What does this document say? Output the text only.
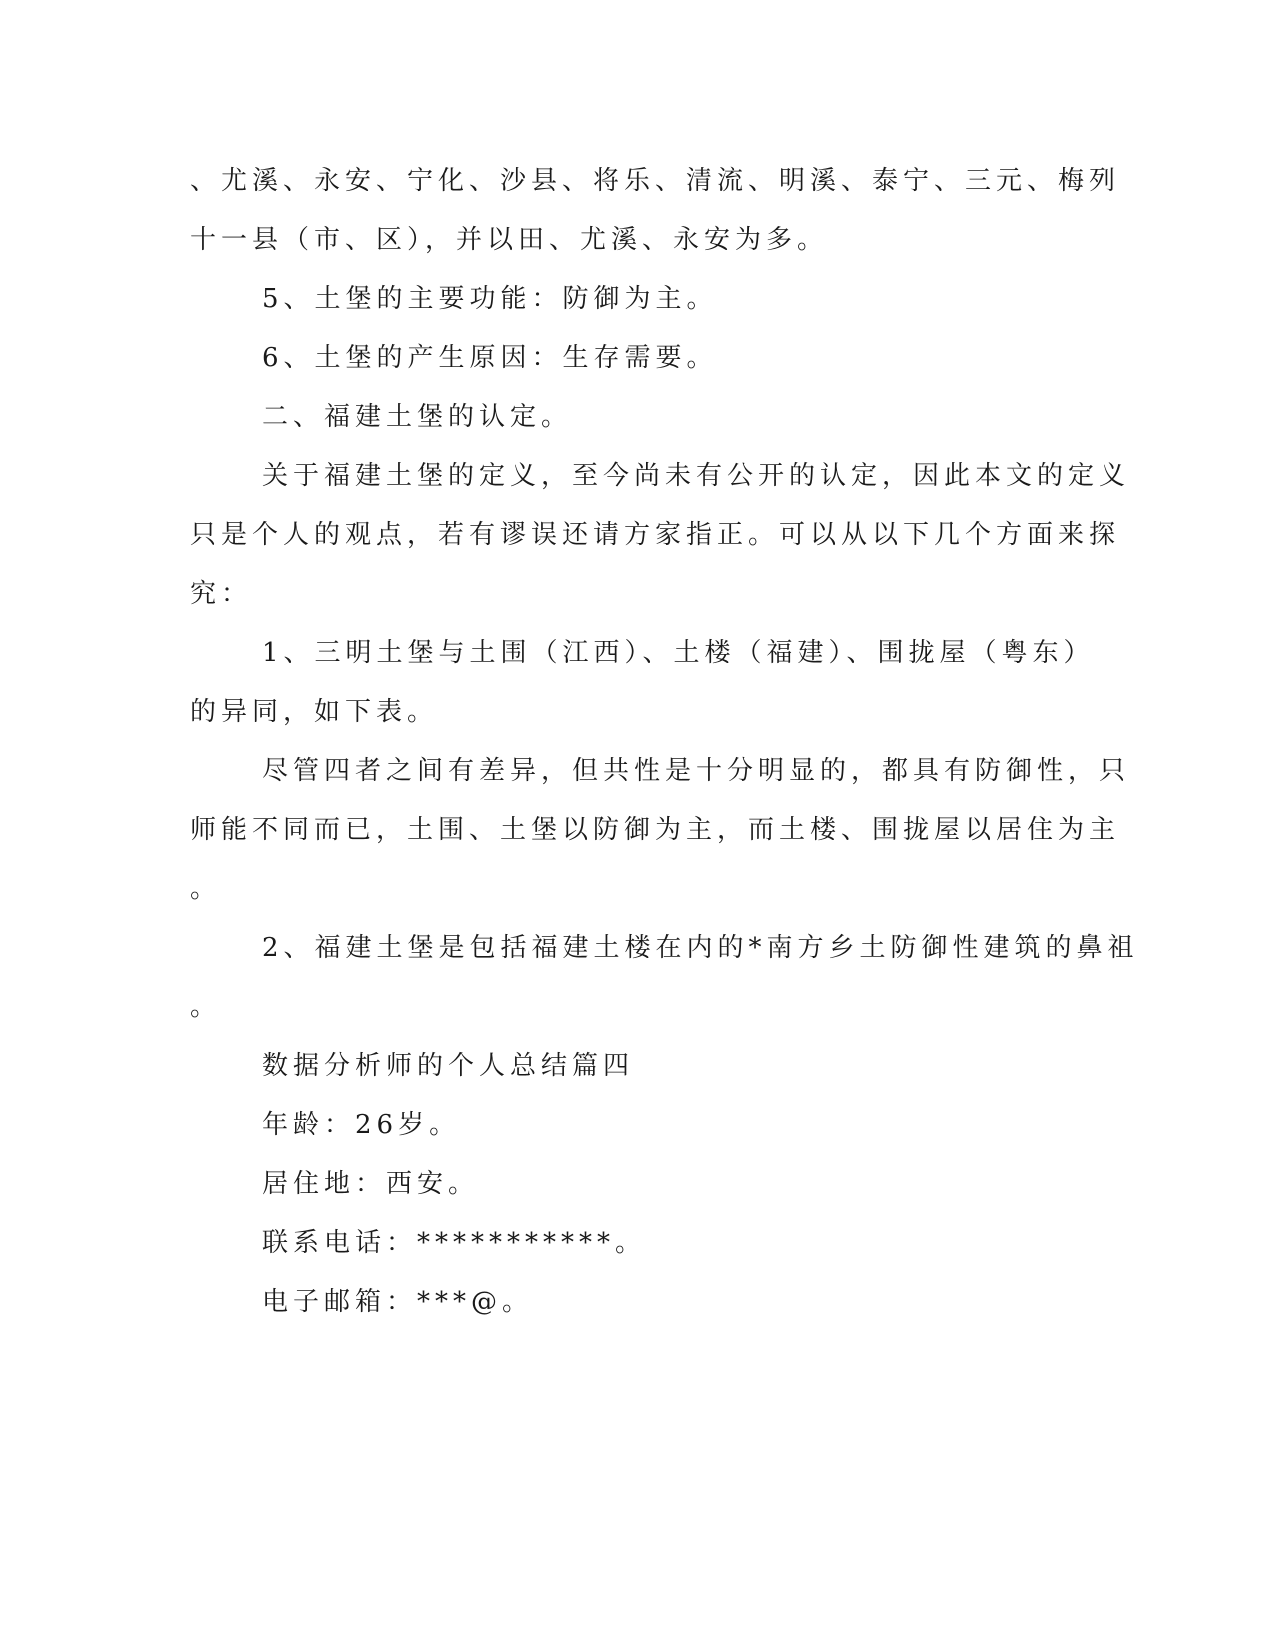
、尤溪、永安、宁化、沙县、将乐、清流、明溪、泰宁、三元、梅列
十一县（市、区），并以田、尤溪、永安为多。
5、土堡的主要功能：防御为主。
6、土堡的产生原因：生存需要。
二、福建土堡的认定。
关于福建土堡的定义，至今尚未有公开的认定，因此本文的定义
只是个人的观点，若有谬误还请方家指正。可以从以下几个方面来探
究：
1、三明土堡与土围（江西）、土楼（福建）、围拢屋（粤东）
的异同，如下表。
尽管四者之间有差异，但共性是十分明显的，都具有防御性，只
师能不同而已，土围、土堡以防御为主，而土楼、围拢屋以居住为主
。
2、福建土堡是包括福建土楼在内的*南方乡土防御性建筑的鼻祖
。
数据分析师的个人总结篇四
年龄：26岁。
居住地：西安。
联系电话：***********。
电子邮箱：***@。
